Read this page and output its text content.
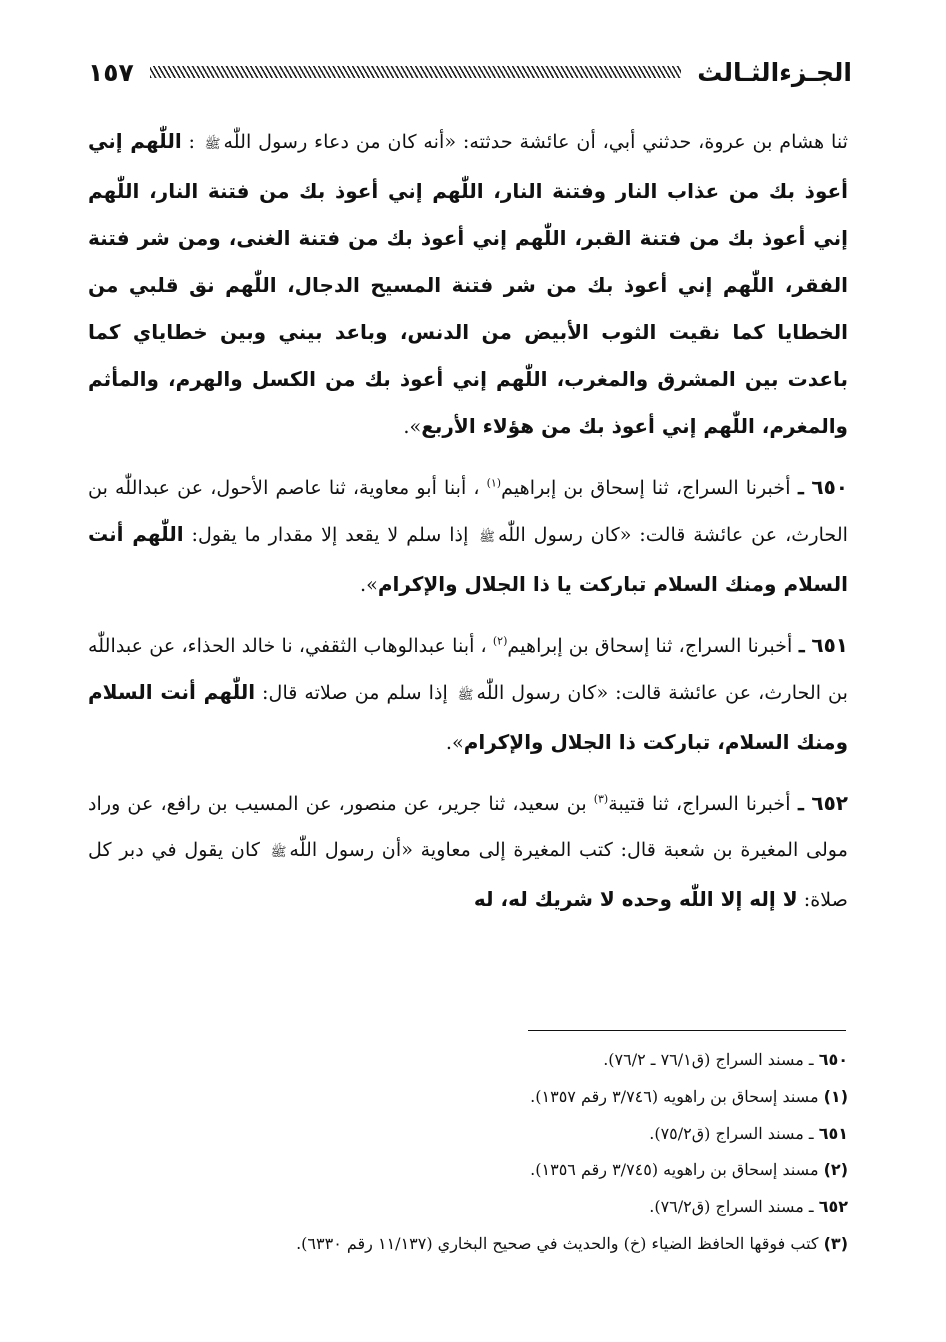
الجـزءالثـالث
١٥٧

ثنا هشام بن عروة، حدثني أبي، أن عائشة حدثته: «أنه كان من دعاء رسول اللّٰهﷺ : اللّٰهم إني أعوذ بك من عذاب النار وفتنة النار، اللّٰهم إني أعوذ بك من فتنة النار، اللّٰهم إني أعوذ بك من فتنة القبر، اللّٰهم إني أعوذ بك من فتنة الغنى، ومن شر فتنة الفقر، اللّٰهم إني أعوذ بك من شر فتنة المسيح الدجال، اللّٰهم نق قلبي من الخطايا كما نقيت الثوب الأبيض من الدنس، وباعد بيني وبين خطاياي كما باعدت بين المشرق والمغرب، اللّٰهم إني أعوذ بك من الكسل والهرم، والمأثم والمغرم، اللّٰهم إني أعوذ بك من هؤلاء الأربع».

٦٥٠ ـ أخبرنا السراج، ثنا إسحاق بن إبراهيم$^{(١)}$ ، أبنا أبو معاوية، ثنا عاصم الأحول، عن عبداللّٰه بن الحارث، عن عائشة قالت: «كان رسول اللّٰهﷺ إذا سلم لا يقعد إلا مقدار ما يقول: اللّٰهم أنت السلام ومنك السلام تباركت يا ذا الجلال والإكرام».

٦٥١ ـ أخبرنا السراج، ثنا إسحاق بن إبراهيم$^{(٢)}$ ، أبنا عبدالوهاب الثقفي، نا خالد الحذاء، عن عبداللّٰه بن الحارث، عن عائشة قالت: «كان رسول اللّٰهﷺ إذا سلم من صلاته قال: اللّٰهم أنت السلام ومنك السلام، تباركت ذا الجلال والإكرام».

٦٥٢ ـ أخبرنا السراج، ثنا قتيبة$^{(٣)}$ بن سعيد، ثنا جرير، عن منصور، عن المسيب بن رافع، عن وراد مولى المغيرة بن شعبة قال: كتب المغيرة إلى معاوية «أن رسول اللّٰهﷺ كان يقول في دبر كل صلاة: لا إله إلا اللّٰه وحده لا شريك له، له

٦٥٠ ـ مسند السراج (ق٧٦/١ ـ ٧٦/٢).
(١) مسند إسحاق بن راهويه (٣/٧٤٦ رقم ١٣٥٧).
٦٥١ ـ مسند السراج (ق٧٥/٢).
(٢) مسند إسحاق بن راهويه (٣/٧٤٥ رقم ١٣٥٦).
٦٥٢ ـ مسند السراج (ق٧٦/٢).
(٣) كتب فوقها الحافظ الضياء (خ) والحديث في صحيح البخاري (١١/١٣٧ رقم ٦٣٣٠).
